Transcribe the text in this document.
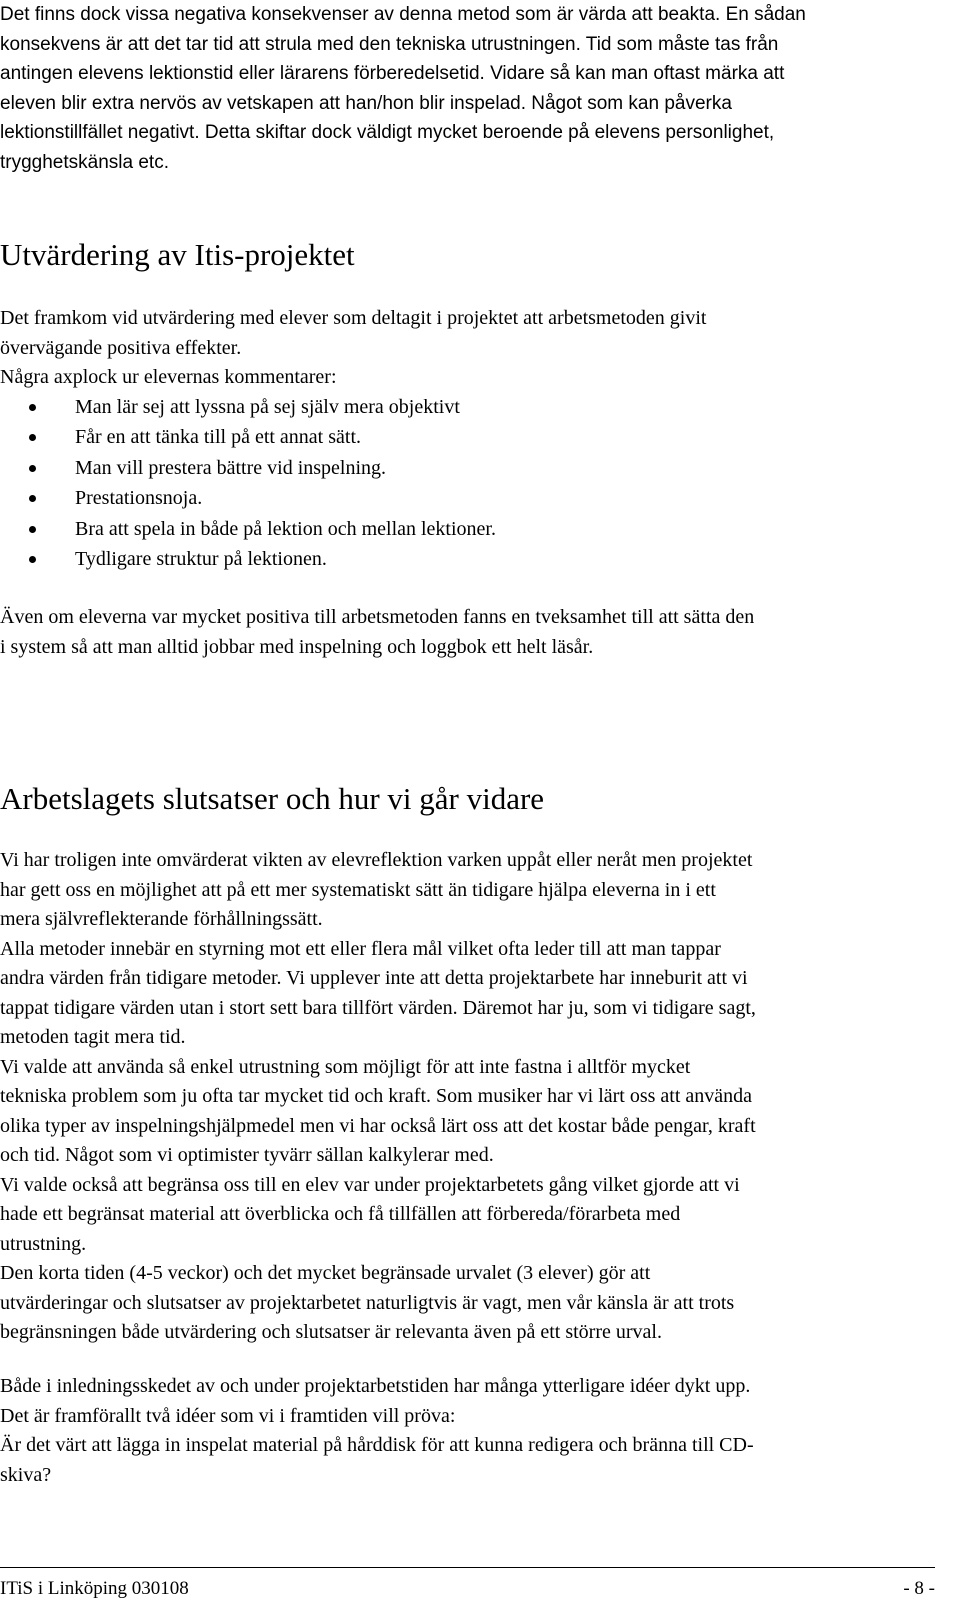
Det finns dock vissa negativa konsekvenser av denna metod som är värda att beakta. En sådan
konsekvens är att det tar tid att strula med den tekniska utrustningen. Tid som måste tas från
antingen elevens lektionstid eller lärarens förberedelsetid. Vidare så kan man oftast märka att
eleven blir extra nervös av vetskapen att han/hon blir inspelad. Något som kan påverka
lektionstillfället negativt. Detta skiftar dock väldigt mycket beroende på elevens personlighet,
trygghetskänsla etc.
Utvärdering av Itis-projektet
Det framkom vid utvärdering med elever som deltagit i projektet att arbetsmetoden givit
övervägande positiva effekter.
Några axplock ur elevernas kommentarer:
Man lär sej att lyssna på sej själv mera objektivt
Får en att tänka till på ett annat sätt.
Man vill prestera bättre vid inspelning.
Prestationsnoja.
Bra att spela in både på lektion och mellan lektioner.
Tydligare struktur på lektionen.
Även om eleverna var mycket positiva till arbetsmetoden fanns en tveksamhet till att sätta den
i system så att man alltid jobbar med inspelning och loggbok ett helt läsår.
Arbetslagets slutsatser och hur vi går vidare
Vi har troligen inte omvärderat vikten av elevreflektion varken uppåt eller neråt men projektet
har gett oss en möjlighet att på ett mer systematiskt sätt än tidigare hjälpa eleverna in i ett
mera självreflekterande förhållningssätt.
Alla metoder innebär en styrning mot ett eller flera mål vilket ofta leder till att man tappar
andra värden från tidigare metoder. Vi upplever inte att detta projektarbete har inneburit att vi
tappat tidigare värden utan i stort sett bara tillfört värden. Däremot har ju, som vi tidigare sagt,
metoden tagit mera tid.
Vi valde att använda så enkel utrustning som möjligt för att inte fastna i alltför mycket
tekniska problem som ju ofta tar mycket tid och kraft. Som musiker har vi lärt oss att använda
olika typer av inspelningshjälpmedel men vi har också lärt oss att det kostar både pengar, kraft
och tid. Något som vi optimister tyvärr sällan kalkylerar med.
Vi valde också att begränsa oss till en elev var under projektarbetets gång vilket gjorde att vi
hade ett begränsat material att överblicka och få tillfällen att förbereda/förarbeta med
utrustning.
Den korta tiden (4-5 veckor) och det mycket begränsade urvalet (3 elever) gör att
utvärderingar och slutsatser av projektarbetet naturligtvis är vagt, men vår känsla är att trots
begränsningen både utvärdering och slutsatser är relevanta även på ett större urval.
Både i inledningsskedet av och under projektarbetstiden har många ytterligare idéer dykt upp.
Det är framförallt två idéer som vi i framtiden vill pröva:
Är det värt att lägga in inspelat material på hårddisk för att kunna redigera och bränna till CD-
skiva?
ITiS i Linköping 030108	- 8 -
